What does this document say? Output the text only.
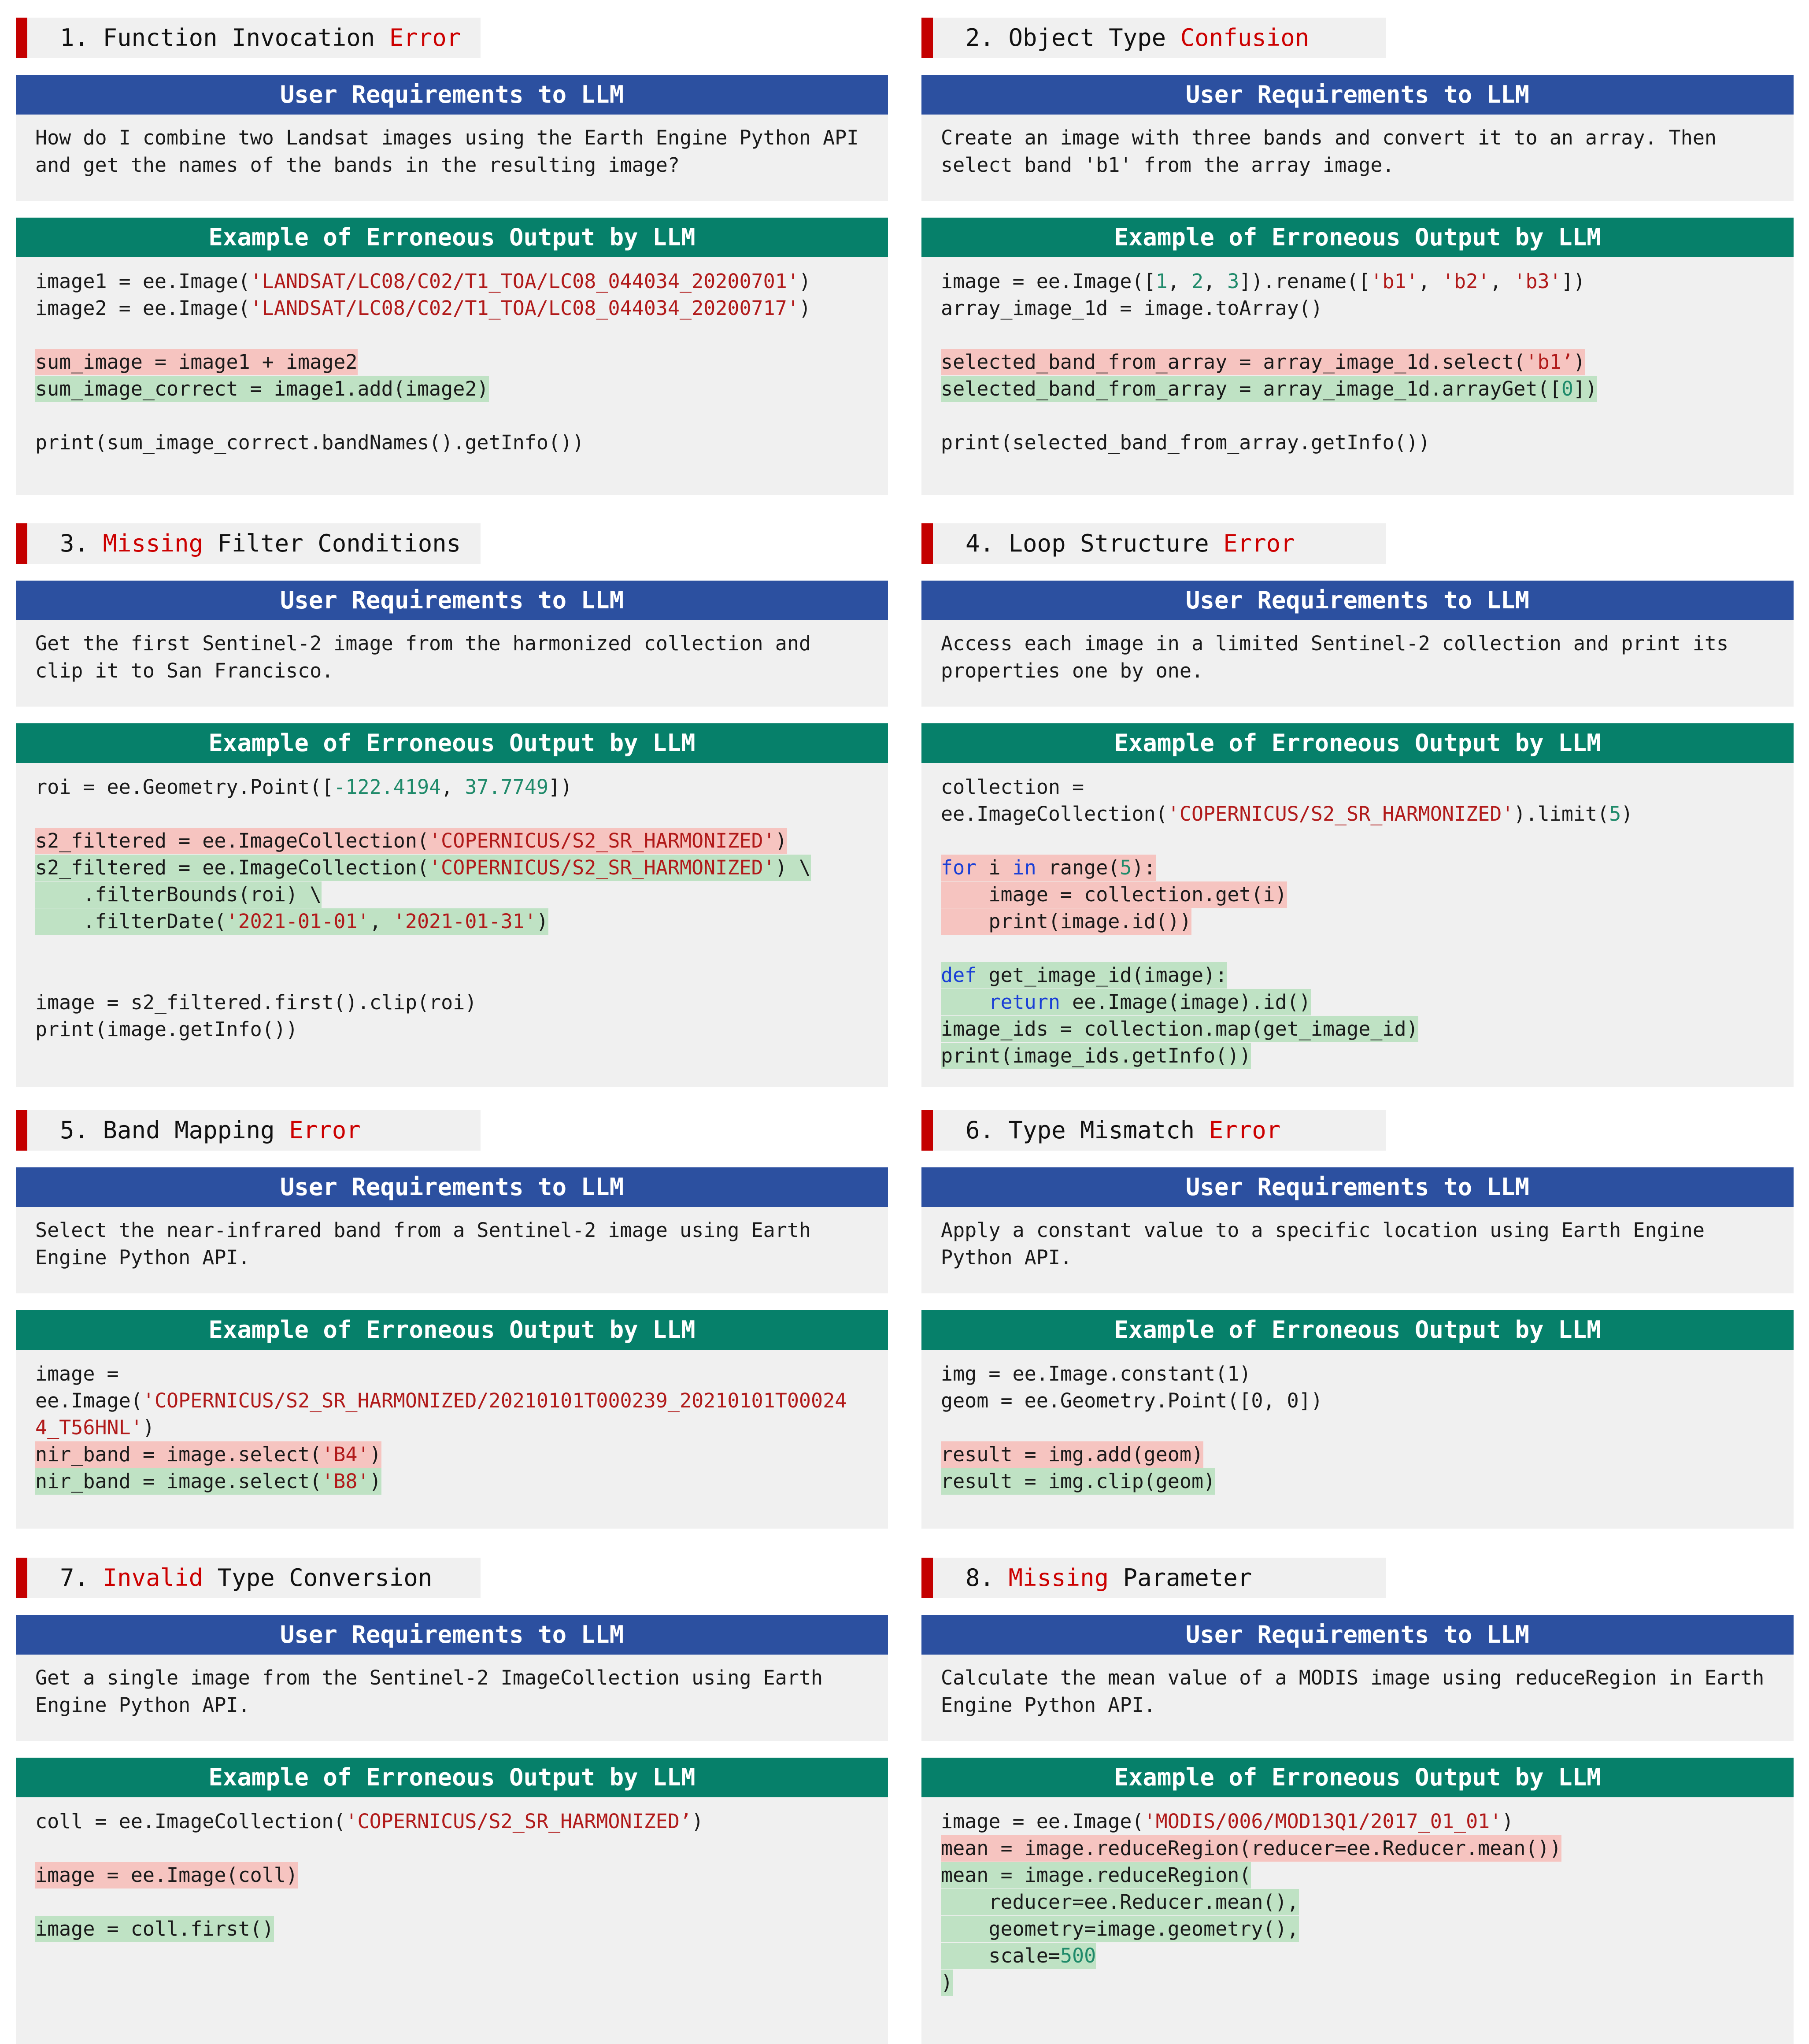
1. Function Invocation Error
User Requirements to LLM
How do I combine two Landsat images using the Earth Engine Python API and get the names of the bands in the resulting image?
Example of Erroneous Output by LLM
image1 = ee.Image('LANDSAT/LC08/C02/T1_TOA/LC08_044034_20200701')
image2 = ee.Image('LANDSAT/LC08/C02/T1_TOA/LC08_044034_20200717')
sum_image = image1 + image2
sum_image_correct = image1.add(image2)
print(sum_image_correct.bandNames().getInfo())
2. Object Type Confusion
User Requirements to LLM
Create an image with three bands and convert it to an array. Then select band 'b1' from the array image.
Example of Erroneous Output by LLM
image = ee.Image([1, 2, 3]).rename(['b1', 'b2', 'b3'])
array_image_1d = image.toArray()
selected_band_from_array = array_image_1d.select('b1’)
selected_band_from_array = array_image_1d.arrayGet([0])
print(selected_band_from_array.getInfo())
3. Missing Filter Conditions
User Requirements to LLM
Get the first Sentinel-2 image from the harmonized collection and clip it to San Francisco.
Example of Erroneous Output by LLM
roi = ee.Geometry.Point([-122.4194, 37.7749])
s2_filtered = ee.ImageCollection('COPERNICUS/S2_SR_HARMONIZED')
s2_filtered = ee.ImageCollection('COPERNICUS/S2_SR_HARMONIZED') \
.filterBounds(roi) \
.filterDate('2021-01-01', '2021-01-31')
image = s2_filtered.first().clip(roi)
print(image.getInfo())
4. Loop Structure Error
User Requirements to LLM
Access each image in a limited Sentinel-2 collection and print its properties one by one.
Example of Erroneous Output by LLM
collection =
ee.ImageCollection('COPERNICUS/S2_SR_HARMONIZED').limit(5)
for i in range(5):
image = collection.get(i)
print(image.id())
def get_image_id(image):
return ee.Image(image).id()
image_ids = collection.map(get_image_id)
print(image_ids.getInfo())
5. Band Mapping Error
User Requirements to LLM
Select the near-infrared band from a Sentinel-2 image using Earth Engine Python API.
Example of Erroneous Output by LLM
image =
ee.Image('COPERNICUS/S2_SR_HARMONIZED/20210101T000239_20210101T00024
4_T56HNL')
nir_band = image.select('B4')
nir_band = image.select('B8')
6. Type Mismatch Error
User Requirements to LLM
Apply a constant value to a specific location using Earth Engine Python API.
Example of Erroneous Output by LLM
img = ee.Image.constant(1)
geom = ee.Geometry.Point([0, 0])
result = img.add(geom)
result = img.clip(geom)
7. Invalid Type Conversion
User Requirements to LLM
Get a single image from the Sentinel-2 ImageCollection using Earth Engine Python API.
Example of Erroneous Output by LLM
coll = ee.ImageCollection('COPERNICUS/S2_SR_HARMONIZED’)
image = ee.Image(coll)
image = coll.first()
8. Missing Parameter
User Requirements to LLM
Calculate the mean value of a MODIS image using reduceRegion in Earth Engine Python API.
Example of Erroneous Output by LLM
image = ee.Image('MODIS/006/MOD13Q1/2017_01_01')
mean = image.reduceRegion(reducer=ee.Reducer.mean())
mean = image.reduceRegion(
reducer=ee.Reducer.mean(),
geometry=image.geometry(),
scale=500
)
